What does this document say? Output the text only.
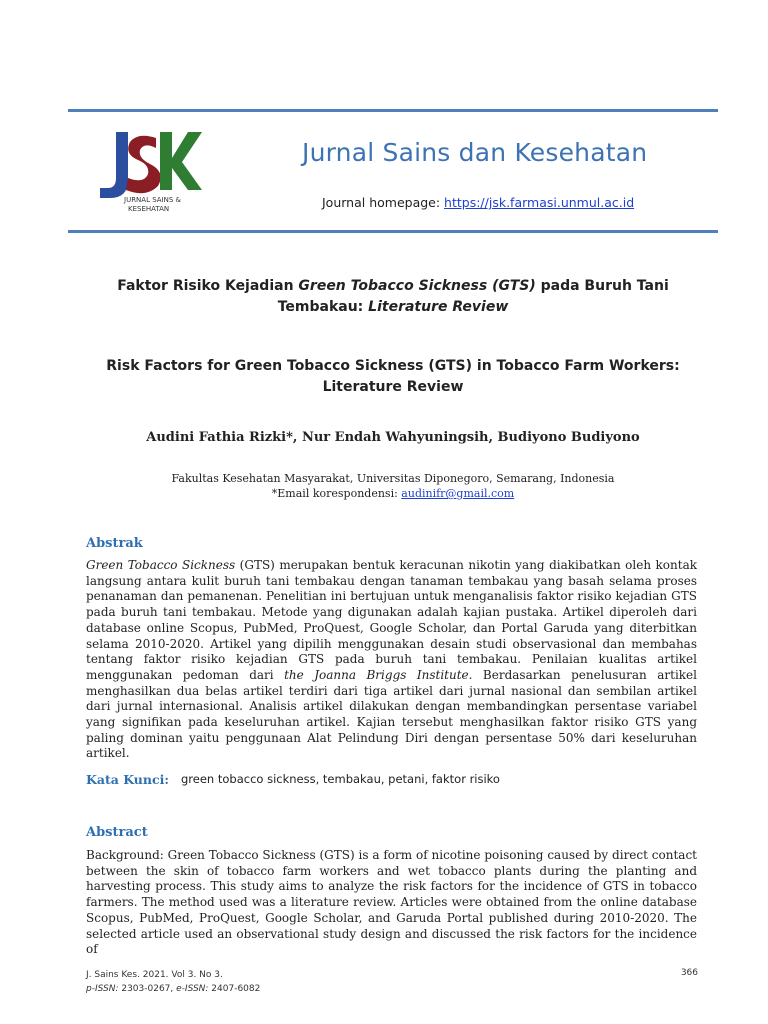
JURNAL SAINS &
KESEHATAN
Jurnal Sains dan Kesehatan
Journal homepage: https://jsk.farmasi.unmul.ac.id
Faktor Risiko Kejadian Green Tobacco Sickness (GTS) pada Buruh Tani
Tembakau: Literature Review
Risk Factors for Green Tobacco Sickness (GTS) in Tobacco Farm Workers:
Literature Review
Audini Fathia Rizki*, Nur Endah Wahyuningsih, Budiyono Budiyono
Fakultas Kesehatan Masyarakat, Universitas Diponegoro, Semarang, Indonesia
*Email korespondensi: audinifr@gmail.com
Abstrak
Green Tobacco Sickness (GTS) merupakan bentuk keracunan nikotin yang diakibatkan oleh kontak langsung antara kulit buruh tani tembakau dengan tanaman tembakau yang basah selama proses penanaman dan pemanenan. Penelitian ini bertujuan untuk menganalisis faktor risiko kejadian GTS pada buruh tani tembakau. Metode yang digunakan adalah kajian pustaka. Artikel diperoleh dari database online Scopus, PubMed, ProQuest, Google Scholar, dan Portal Garuda yang diterbitkan selama 2010-2020. Artikel yang dipilih menggunakan desain studi observasional dan membahas tentang faktor risiko kejadian GTS pada buruh tani tembakau. Penilaian kualitas artikel menggunakan pedoman dari the Joanna Briggs Institute. Berdasarkan penelusuran artikel menghasilkan dua belas artikel terdiri dari tiga artikel dari jurnal nasional dan sembilan artikel dari jurnal internasional. Analisis artikel dilakukan dengan membandingkan persentase variabel yang signifikan pada keseluruhan artikel. Kajian tersebut menghasilkan faktor risiko GTS yang paling dominan yaitu penggunaan Alat Pelindung Diri dengan persentase 50% dari keseluruhan artikel.
Kata Kunci: green tobacco sickness, tembakau, petani, faktor risiko
Abstract
Background: Green Tobacco Sickness (GTS) is a form of nicotine poisoning caused by direct contact between the skin of tobacco farm workers and wet tobacco plants during the planting and harvesting process. This study aims to analyze the risk factors for the incidence of GTS in tobacco farmers. The method used was a literature review. Articles were obtained from the online database Scopus, PubMed, ProQuest, Google Scholar, and Garuda Portal published during 2010-2020. The selected article used an observational study design and discussed the risk factors for the incidence of
J. Sains Kes. 2021. Vol 3. No 3.
p-ISSN: 2303-0267, e-ISSN: 2407-6082
366
